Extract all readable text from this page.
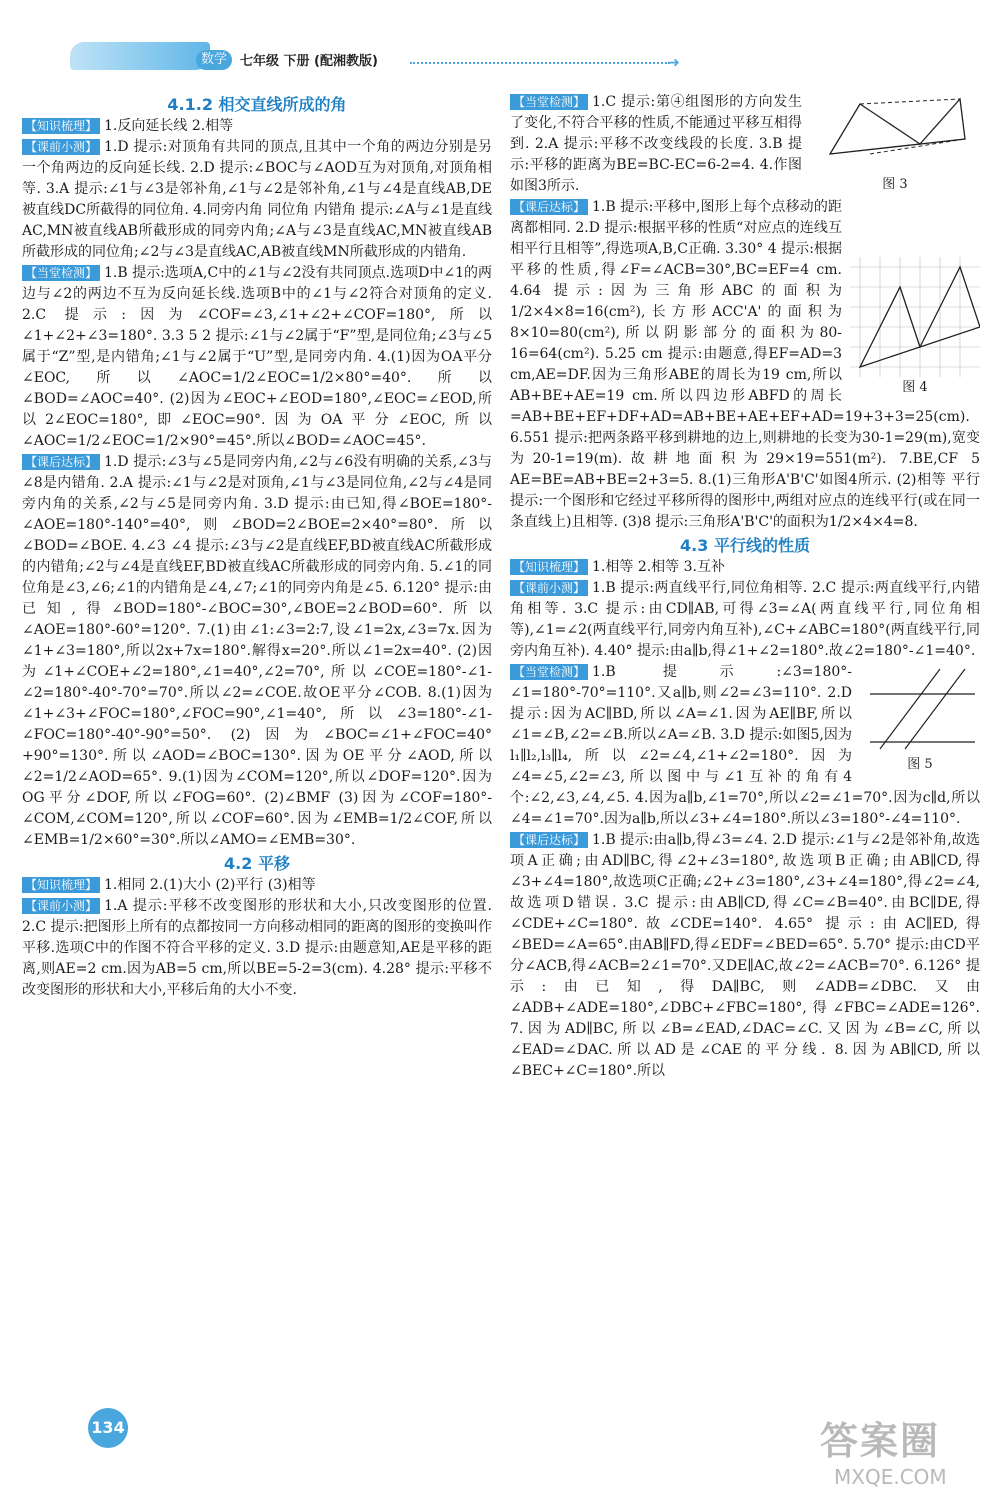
数学	七年级 下册 (配湘教版)	➜
4.1.2 相交直线所成的角

【知识梳理】 1.反向延长线 2.相等

【课前小测】 1.D 提示:对顶角有共同的顶点,且其中一个角的两边分别是另一个角两边的反向延长线. 2.D 提示:∠BOC与∠AOD互为对顶角,对顶角相等. 3.A 提示:∠1与∠3是邻补角,∠1与∠2是邻补角,∠1与∠4是直线AB,DE被直线DC所截得的同位角. 4.同旁内角 同位角 内错角 提示:∠A与∠1是直线AC,MN被直线AB所截形成的同旁内角;∠A与∠3是直线AC,MN被直线AB所截形成的同位角;∠2与∠3是直线AC,AB被直线MN所截形成的内错角.

【当堂检测】 1.B 提示:选项A,C中的∠1与∠2没有共同顶点.选项D中∠1的两边与∠2的两边不互为反向延长线.选项B中的∠1与∠2符合对顶角的定义. 2.C 提示:因为∠COF=∠3,∠1+∠2+∠COF=180°,所以∠1+∠2+∠3=180°. 3.3 5 2 提示:∠1与∠2属于“F”型,是同位角;∠3与∠5属于“Z”型,是内错角;∠1与∠2属于“U”型,是同旁内角. 4.(1)因为OA平分∠EOC,所以∠AOC=1/2∠EOC=1/2×80°=40°.所以∠BOD=∠AOC=40°. (2)因为∠EOC+∠EOD=180°,∠EOC=∠EOD,所以2∠EOC=180°,即∠EOC=90°.因为OA平分∠EOC,所以∠AOC=1/2∠EOC=1/2×90°=45°.所以∠BOD=∠AOC=45°.

【课后达标】 1.D 提示:∠3与∠5是同旁内角,∠2与∠6没有明确的关系,∠3与∠8是内错角. 2.A 提示:∠1与∠2是对顶角,∠1与∠3是同位角,∠2与∠4是同旁内角的关系,∠2与∠5是同旁内角. 3.D 提示:由已知,得∠BOE=180°-∠AOE=180°-140°=40°,则∠BOD=2∠BOE=2×40°=80°.所以∠BOD=∠BOE. 4.∠3 ∠4 提示:∠3与∠2是直线EF,BD被直线AC所截形成的内错角;∠2与∠4是直线EF,BD被直线AC所截形成的同旁内角. 5.∠1的同位角是∠3,∠6;∠1的内错角是∠4,∠7;∠1的同旁内角是∠5. 6.120° 提示:由已知,得∠BOD=180°-∠BOC=30°,∠BOE=2∠BOD=60°.所以∠AOE=180°-60°=120°. 7.(1)由∠1:∠3=2:7,设∠1=2x,∠3=7x.因为∠1+∠3=180°,所以2x+7x=180°.解得x=20°.所以∠1=2x=40°. (2)因为∠1+∠COE+∠2=180°,∠1=40°,∠2=70°,所以∠COE=180°-∠1-∠2=180°-40°-70°=70°.所以∠2=∠COE.故OE平分∠COB. 8.(1)因为∠1+∠3+∠FOC=180°,∠FOC=90°,∠1=40°,所以∠3=180°-∠1-∠FOC=180°-40°-90°=50°. (2)因为∠BOC=∠1+∠FOC=40°+90°=130°.所以∠AOD=∠BOC=130°.因为OE平分∠AOD,所以∠2=1/2∠AOD=65°. 9.(1)因为∠COM=120°,所以∠DOF=120°.因为OG平分∠DOF,所以∠FOG=60°. (2)∠BMF (3)因为∠COF=180°-∠COM,∠COM=120°,所以∠COF=60°.因为∠EMB=1/2∠COF,所以∠EMB=1/2×60°=30°.所以∠AMO=∠EMB=30°.

4.2 平移

【知识梳理】 1.相同 2.(1)大小 (2)平行 (3)相等

【课前小测】 1.A 提示:平移不改变图形的形状和大小,只改变图形的位置. 2.C 提示:把图形上所有的点都按同一方向移动相同的距离的图形的变换叫作平移.选项C中的作图不符合平移的定义. 3.D 提示:由题意知,AE是平移的距离,则AE=2 cm.因为AB=5 cm,所以BE=5-2=3(cm). 4.28° 提示:平移不改变图形的形状和大小,平移后角的大小不变.

图 3

【当堂检测】 1.C 提示:第④组图形的方向发生了变化,不符合平移的性质,不能通过平移互相得到. 2.A 提示:平移不改变线段的长度. 3.B 提示:平移的距离为BE=BC-EC=6-2=4. 4.作图如图3所示.

图 4

【课后达标】 1.B 提示:平移中,图形上每个点移动的距离都相同. 2.D 提示:根据平移的性质“对应点的连线互相平行且相等”,得选项A,B,C正确. 3.30° 4 提示:根据平移的性质,得∠F=∠ACB=30°,BC=EF=4 cm. 4.64 提示:因为三角形ABC的面积为1/2×4×8=16(cm²),长方形ACC'A'的面积为8×10=80(cm²),所以阴影部分的面积为80-16=64(cm²). 5.25 cm 提示:由题意,得EF=AD=3 cm,AE=DF.因为三角形ABE的周长为19 cm,所以AB+BE+AE=19 cm.所以四边形ABFD的周长=AB+BE+EF+DF+AD=AB+BE+AE+EF+AD=19+3+3=25(cm). 6.551 提示:把两条路平移到耕地的边上,则耕地的长变为30-1=29(m),宽变为20-1=19(m).故耕地面积为29×19=551(m²). 7.BE,CF 5 AE=BE=AB+BE=2+3=5. 8.(1)三角形A'B'C'如图4所示. (2)相等 平行 提示:一个图形和它经过平移所得的图形中,两组对应点的连线平行(或在同一条直线上)且相等. (3)8 提示:三角形A'B'C'的面积为1/2×4×4=8.

4.3 平行线的性质

【知识梳理】 1.相等 2.相等 3.互补

【课前小测】 1.B 提示:两直线平行,同位角相等. 2.C 提示:两直线平行,内错角相等. 3.C 提示:由CD∥AB,可得∠3=∠A(两直线平行,同位角相等),∠1=∠2(两直线平行,同旁内角互补),∠C+∠ABC=180°(两直线平行,同旁内角互补). 4.40° 提示:由a∥b,得∠1+∠2=180°.故∠2=180°-∠1=40°.

图 5

【当堂检测】 1.B 提示:∠3=180°-∠1=180°-70°=110°.又a∥b,则∠2=∠3=110°. 2.D 提示:因为AC∥BD,所以∠A=∠1.因为AE∥BF,所以∠1=∠B,∠2=∠B.所以∠A=∠B. 3.D 提示:如图5,因为l₁∥l₂,l₃∥l₄,所以∠2=∠4,∠1+∠2=180°.因为∠4=∠5,∠2=∠3,所以图中与∠1互补的角有4个:∠2,∠3,∠4,∠5. 4.因为a∥b,∠1=70°,所以∠2=∠1=70°.因为c∥d,所以∠4=∠1=70°.因为a∥b,所以∠3+∠4=180°.所以∠3=180°-∠4=110°.

【课后达标】 1.B 提示:由a∥b,得∠3=∠4. 2.D 提示:∠1与∠2是邻补角,故选项A正确;由AD∥BC,得∠2+∠3=180°,故选项B正确;由AB∥CD,得∠3+∠4=180°,故选项C正确;∠2+∠3=180°,∠3+∠4=180°,得∠2=∠4,故选项D错误. 3.C 提示:由AB∥CD,得∠C=∠B=40°.由BC∥DE,得∠CDE+∠C=180°.故∠CDE=140°. 4.65° 提示:由AC∥ED,得∠BED=∠A=65°.由AB∥FD,得∠EDF=∠BED=65°. 5.70° 提示:由CD平分∠ACB,得∠ACB=2∠1=70°.又DE∥AC,故∠2=∠ACB=70°. 6.126° 提示:由已知,得DA∥BC,则∠ADB=∠DBC.又由∠ADB+∠ADE=180°,∠DBC+∠FBC=180°,得∠FBC=∠ADE=126°. 7.因为AD∥BC,所以∠B=∠EAD,∠DAC=∠C.又因为∠B=∠C,所以∠EAD=∠DAC.所以AD是∠CAE的平分线. 8.因为AB∥CD,所以∠BEC+∠C=180°.所以

134	答案圈
MXQE.COM
